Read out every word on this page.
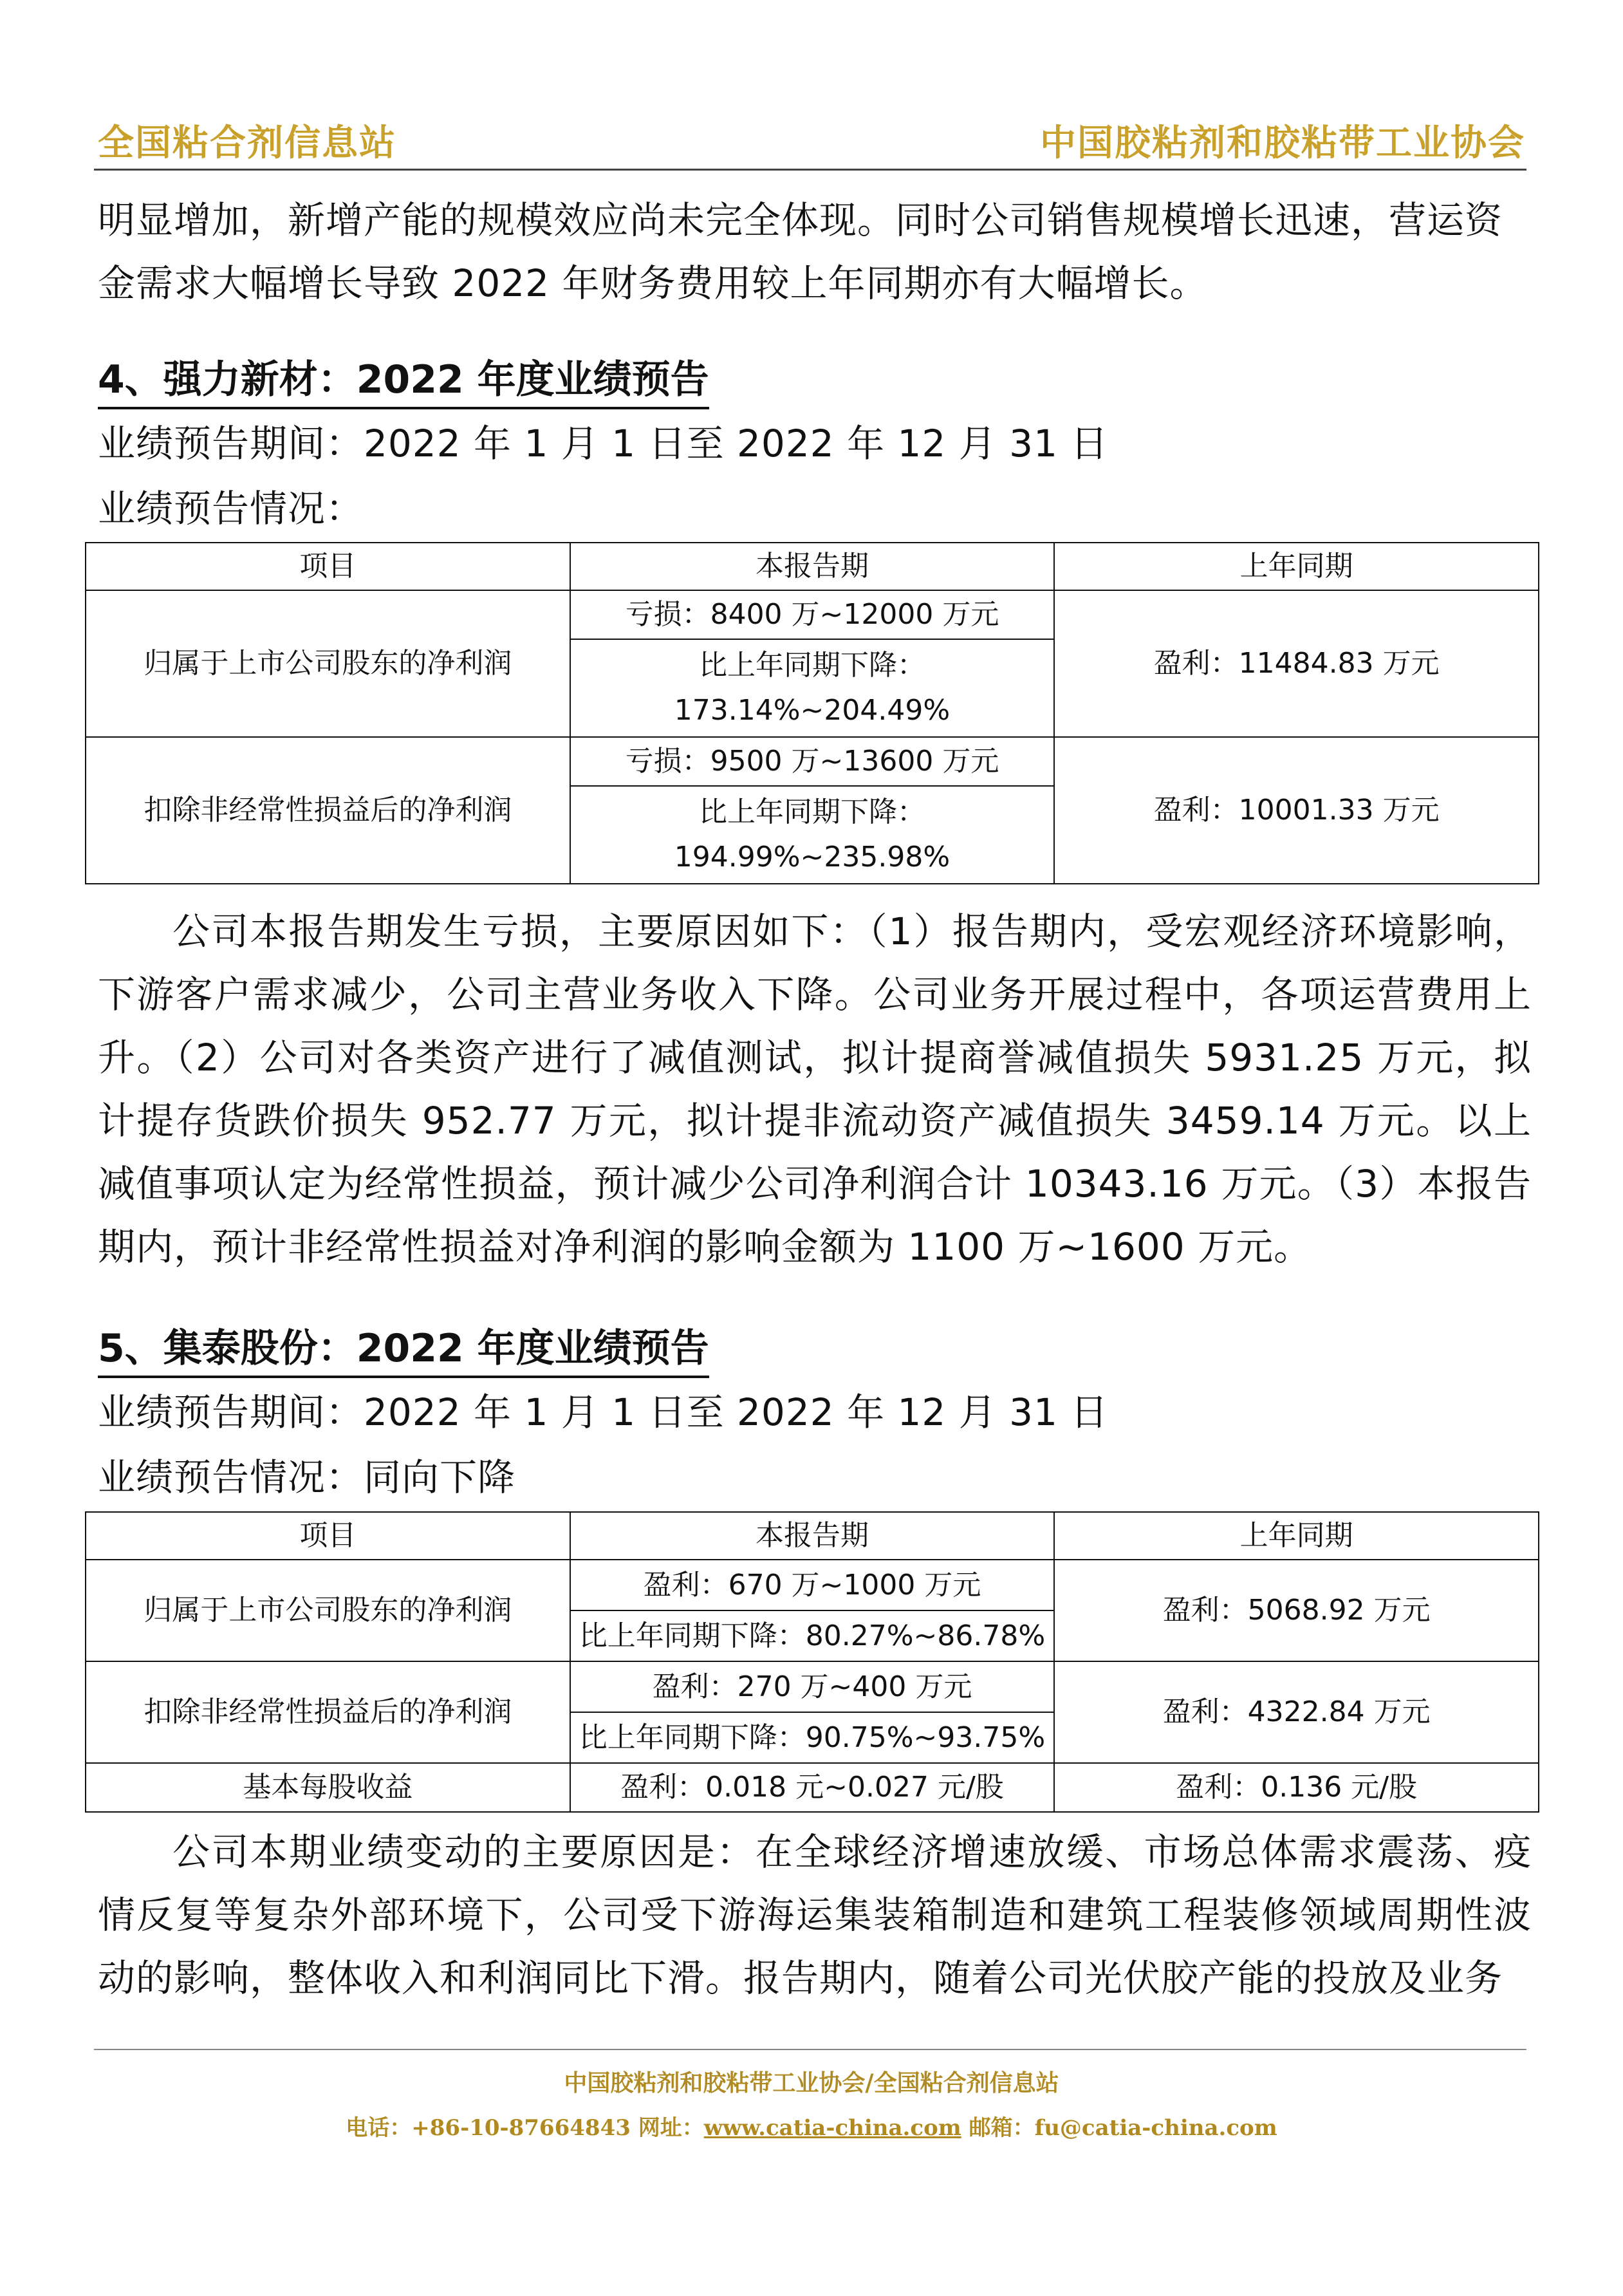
全国粘合剂信息站	中国胶粘剂和胶粘带工业协会
明显增加，新增产能的规模效应尚未完全体现。同时公司销售规模增长迅速，营运资
金需求大幅增长导致 2022 年财务费用较上年同期亦有大幅增长。
4、强力新材：2022 年度业绩预告
业绩预告期间：2022 年 1 月 1 日至 2022 年 12 月 31 日
业绩预告情况：
项目	本报告期	上年同期
归属于上市公司股东的净利润	亏损：8400 万~12000 万元	盈利：11484.83 万元

	比上年同期下降：
173.14%~204.49%	

扣除非经常性损益后的净利润	亏损：9500 万~13600 万元	盈利：10001.33 万元

	比上年同期下降：
194.99%~235.98%	
公司本报告期发生亏损，主要原因如下：（1）报告期内，受宏观经济环境影响，下游客户需求减少，公司主营业务收入下降。公司业务开展过程中，各项运营费用上升。（2）公司对各类资产进行了减值测试，拟计提商誉减值损失 5931.25 万元，拟计提存货跌价损失 952.77 万元，拟计提非流动资产减值损失 3459.14 万元。以上减值事项认定为经常性损益，预计减少公司净利润合计 10343.16 万元。（3）本报告期内，预计非经常性损益对净利润的影响金额为 1100 万~1600 万元。
5、集泰股份：2022 年度业绩预告
业绩预告期间：2022 年 1 月 1 日至 2022 年 12 月 31 日
业绩预告情况：同向下降
项目	本报告期	上年同期
归属于上市公司股东的净利润	盈利：670 万~1000 万元	盈利：5068.92 万元
	比上年同期下降：80.27%~86.78%	
扣除非经常性损益后的净利润	盈利：270 万~400 万元	盈利：4322.84 万元
	比上年同期下降：90.75%~93.75%	
基本每股收益	盈利：0.018 元~0.027 元/股	盈利：0.136 元/股
公司本期业绩变动的主要原因是：在全球经济增速放缓、市场总体需求震荡、疫情反复等复杂外部环境下，公司受下游海运集装箱制造和建筑工程装修领域周期性波动的影响，整体收入和利润同比下滑。报告期内，随着公司光伏胶产能的投放及业务
中国胶粘剂和胶粘带工业协会/全国粘合剂信息站
电话：+86-10-87664843 网址：www.catia-china.com 邮箱：fu@catia-china.com
